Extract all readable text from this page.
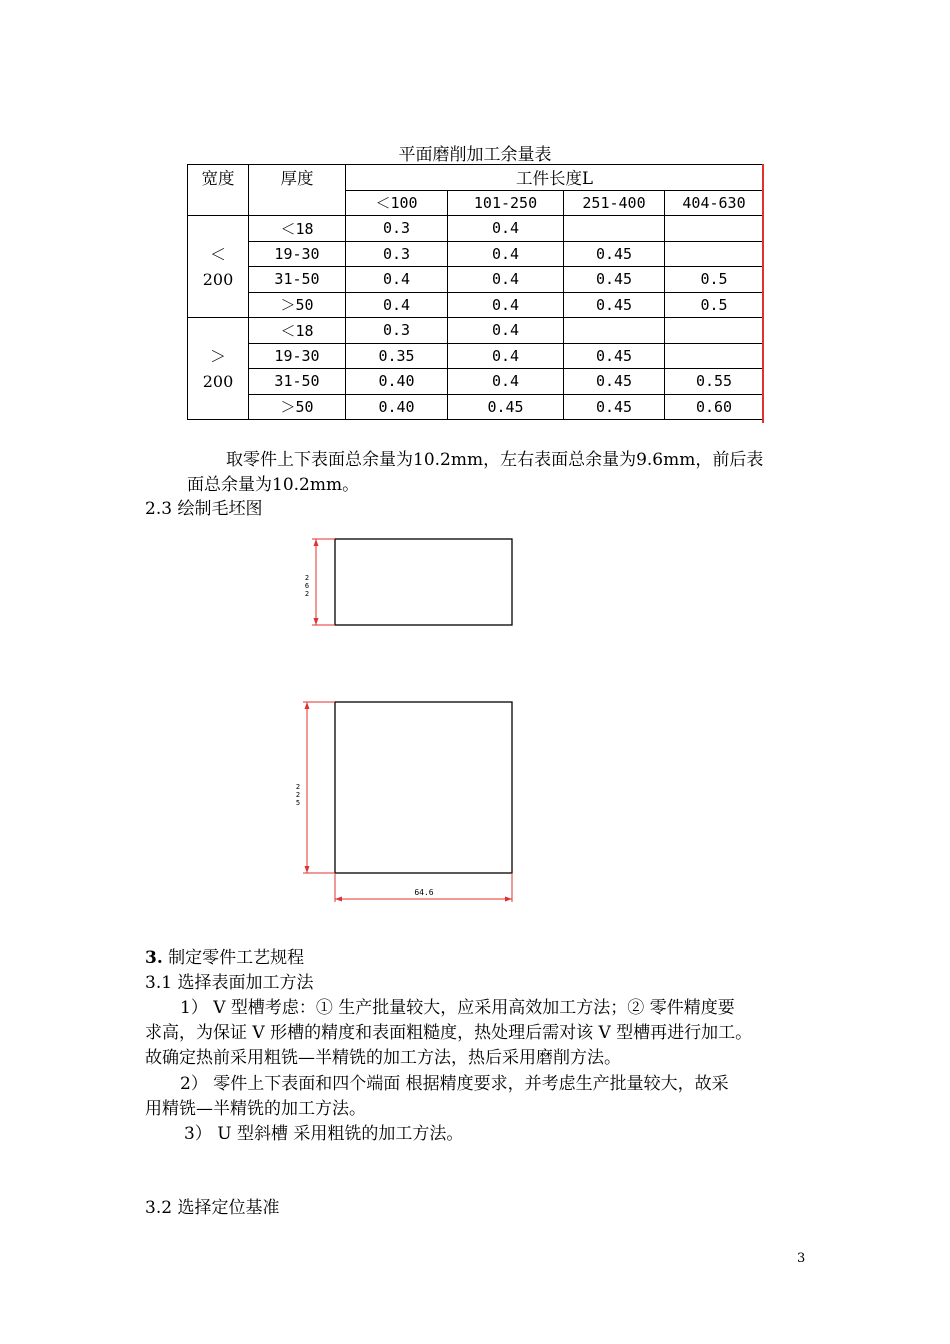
平面磨削加工余量表
宽度	厚度	工件长度L			
		＜100	101-250	251-400	404-630
＜
200	＜18	0.3	0.4		
	19-30	0.3	0.4	0.45	
	31-50	0.4	0.4	0.45	0.5
	＞50	0.4	0.4	0.45	0.5
＞
200	＜18	0.3	0.4		
	19-30	0.35	0.4	0.45	
	31-50	0.40	0.4	0.45	0.55
	＞50	0.40	0.45	0.45	0.60

取零件上下表面总余量为10.2mm，左右表面总余量为9.6mm，前后表

面总余量为10.2mm。

2.3 绘制毛坯图

2
6
2
2
2
5
64.6

3. 制定零件工艺规程

3.1 选择表面加工方法

1） V 型槽考虑：① 生产批量较大，应采用高效加工方法；② 零件精度要

求高，为保证 V 形槽的精度和表面粗糙度，热处理后需对该 V 型槽再进行加工。

故确定热前采用粗铣—半精铣的加工方法，热后采用磨削方法。

2） 零件上下表面和四个端面 根据精度要求，并考虑生产批量较大，故采

用精铣—半精铣的加工方法。

3） U 型斜槽 采用粗铣的加工方法。

3.2 选择定位基准

3
